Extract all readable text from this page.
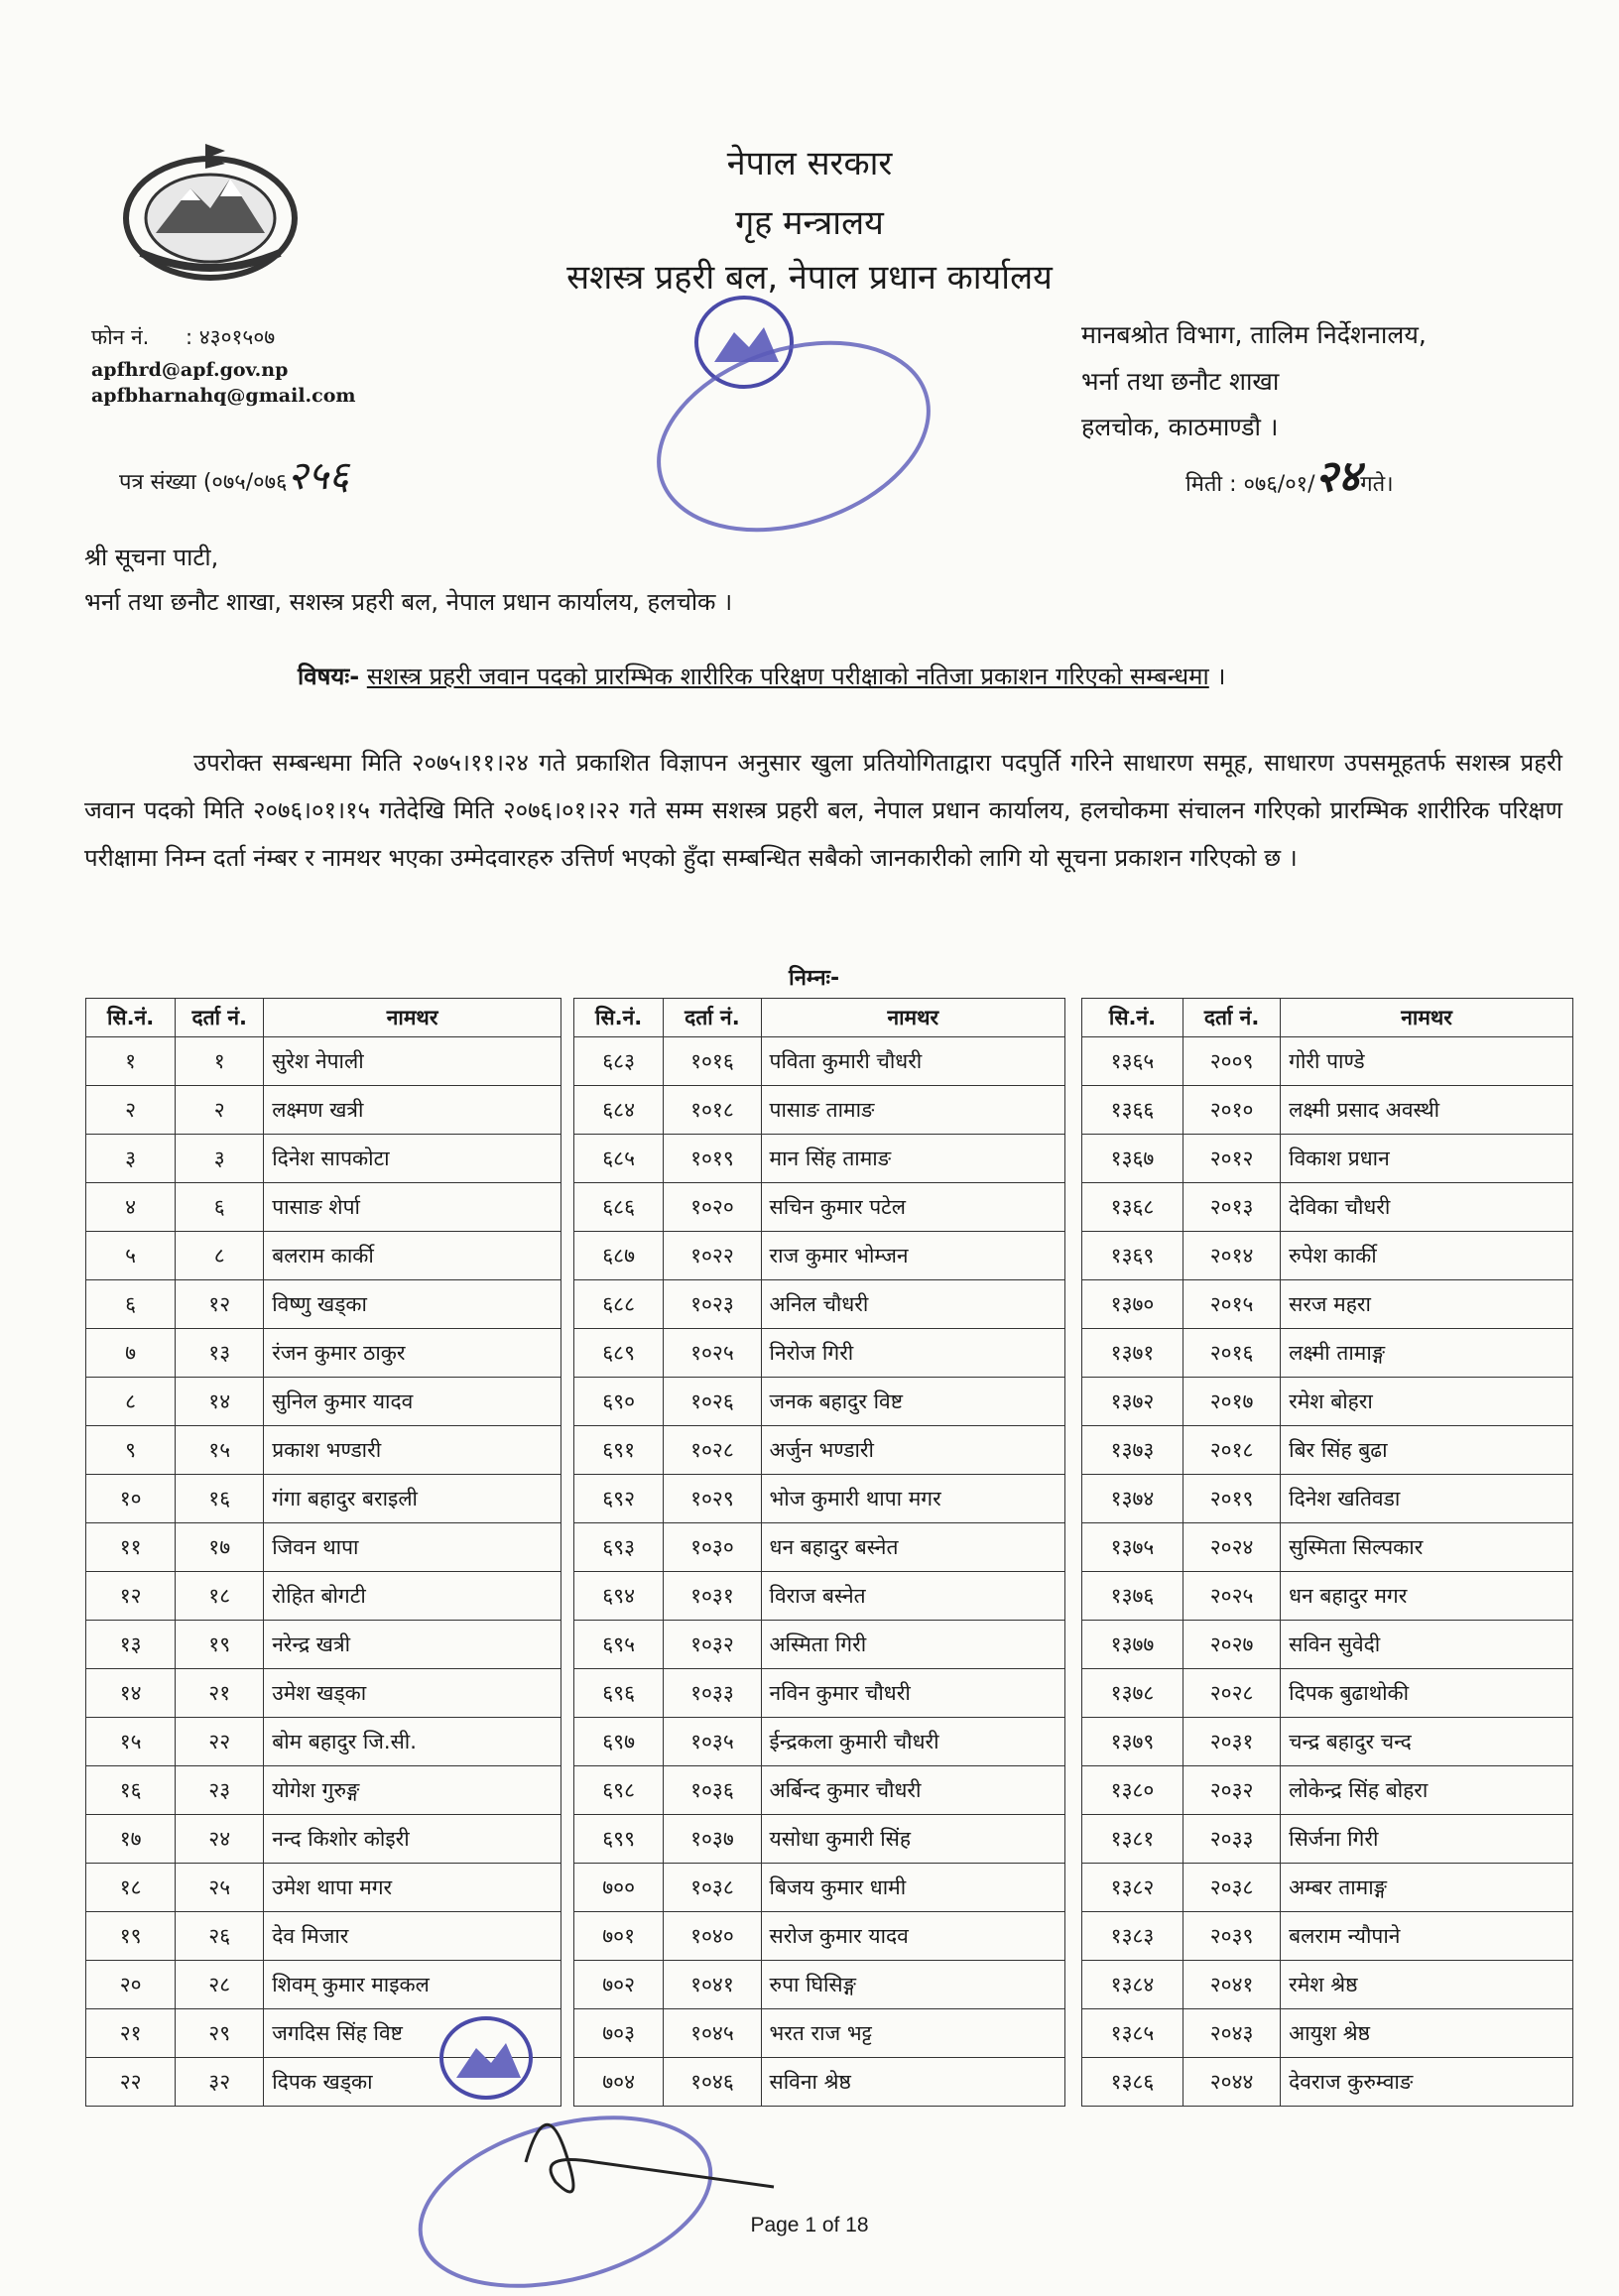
नेपाल सरकार
गृह मन्त्रालय
सशस्त्र प्रहरी बल, नेपाल प्रधान कार्यालय
फोन नं. : ४३०१५०७
apfhrd@apf.gov.np
apfbharnahq@gmail.com
पत्र संख्या (०७५/०७६२५६
मानबश्रोत विभाग, तालिम निर्देशनालय,
भर्ना तथा छनौट शाखा
हलचोक, काठमाण्डौ ।
मिती : ०७६/०१/२४गते।
श्री सूचना पाटी,
भर्ना तथा छनौट शाखा, सशस्त्र प्रहरी बल, नेपाल प्रधान कार्यालय, हलचोक ।
विषयः- सशस्त्र प्रहरी जवान पदको प्रारम्भिक शारीरिक परिक्षण परीक्षाको नतिजा प्रकाशन गरिएको सम्बन्धमा ।
उपरोक्त सम्बन्धमा मिति २०७५।११।२४ गते प्रकाशित विज्ञापन अनुसार खुला प्रतियोगिताद्वारा पदपुर्ति गरिने साधारण समूह, साधारण उपसमूहतर्फ सशस्त्र प्रहरी जवान पदको मिति २०७६।०१।१५ गतेदेखि मिति २०७६।०१।२२ गते सम्म सशस्त्र प्रहरी बल, नेपाल प्रधान कार्यालय, हलचोकमा संचालन गरिएको प्रारम्भिक शारीरिक परिक्षण परीक्षामा निम्न दर्ता नंम्बर र नामथर भएका उम्मेदवारहरु उत्तिर्ण भएको हुँदा सम्बन्धित सबैको जानकारीको लागि यो सूचना प्रकाशन गरिएको छ ।
निम्नः-
सि.नं.	दर्ता नं.	नामथर
१	१	सुरेश नेपाली
२	२	लक्ष्मण खत्री
३	३	दिनेश सापकोटा
४	६	पासाङ शेर्पा
५	८	बलराम कार्की
६	१२	विष्णु खड्का
७	१३	रंजन कुमार ठाकुर
८	१४	सुनिल कुमार यादव
९	१५	प्रकाश भण्डारी
१०	१६	गंगा बहादुर बराइली
११	१७	जिवन थापा
१२	१८	रोहित बोगटी
१३	१९	नरेन्द्र खत्री
१४	२१	उमेश खड्का
१५	२२	बोम बहादुर जि.सी.
१६	२३	योगेश गुरुङ्ग
१७	२४	नन्द किशोर कोइरी
१८	२५	उमेश थापा मगर
१९	२६	देव मिजार
२०	२८	शिवम् कुमार माइकल
२१	२९	जगदिस सिंह विष्ट
२२	३२	दिपक खड्का
सि.नं.	दर्ता नं.	नामथर
६८३	१०१६	पविता कुमारी चौधरी
६८४	१०१८	पासाङ तामाङ
६८५	१०१९	मान सिंह तामाङ
६८६	१०२०	सचिन कुमार पटेल
६८७	१०२२	राज कुमार भोम्जन
६८८	१०२३	अनिल चौधरी
६८९	१०२५	निरोज गिरी
६९०	१०२६	जनक बहादुर विष्ट
६९१	१०२८	अर्जुन भण्डारी
६९२	१०२९	भोज कुमारी थापा मगर
६९३	१०३०	धन बहादुर बस्नेत
६९४	१०३१	विराज बस्नेत
६९५	१०३२	अस्मिता गिरी
६९६	१०३३	नविन कुमार चौधरी
६९७	१०३५	ईन्द्रकला कुमारी चौधरी
६९८	१०३६	अर्बिन्द कुमार चौधरी
६९९	१०३७	यसोधा कुमारी सिंह
७००	१०३८	बिजय कुमार धामी
७०१	१०४०	सरोज कुमार यादव
७०२	१०४१	रुपा घिसिङ्ग
७०३	१०४५	भरत राज भट्ट
७०४	१०४६	सविना श्रेष्ठ
सि.नं.	दर्ता नं.	नामथर
१३६५	२००९	गोरी पाण्डे
१३६६	२०१०	लक्ष्मी प्रसाद अवस्थी
१३६७	२०१२	विकाश प्रधान
१३६८	२०१३	देविका चौधरी
१३६९	२०१४	रुपेश कार्की
१३७०	२०१५	सरज महरा
१३७१	२०१६	लक्ष्मी तामाङ्ग
१३७२	२०१७	रमेश बोहरा
१३७३	२०१८	बिर सिंह बुढा
१३७४	२०१९	दिनेश खतिवडा
१३७५	२०२४	सुस्मिता सिल्पकार
१३७६	२०२५	धन बहादुर मगर
१३७७	२०२७	सविन सुवेदी
१३७८	२०२८	दिपक बुढाथोकी
१३७९	२०३१	चन्द्र बहादुर चन्द
१३८०	२०३२	लोकेन्द्र सिंह बोहरा
१३८१	२०३३	सिर्जना गिरी
१३८२	२०३८	अम्बर तामाङ्ग
१३८३	२०३९	बलराम न्यौपाने
१३८४	२०४१	रमेश श्रेष्ठ
१३८५	२०४३	आयुश श्रेष्ठ
१३८६	२०४४	देवराज कुरुम्वाङ
Page 1 of 18
